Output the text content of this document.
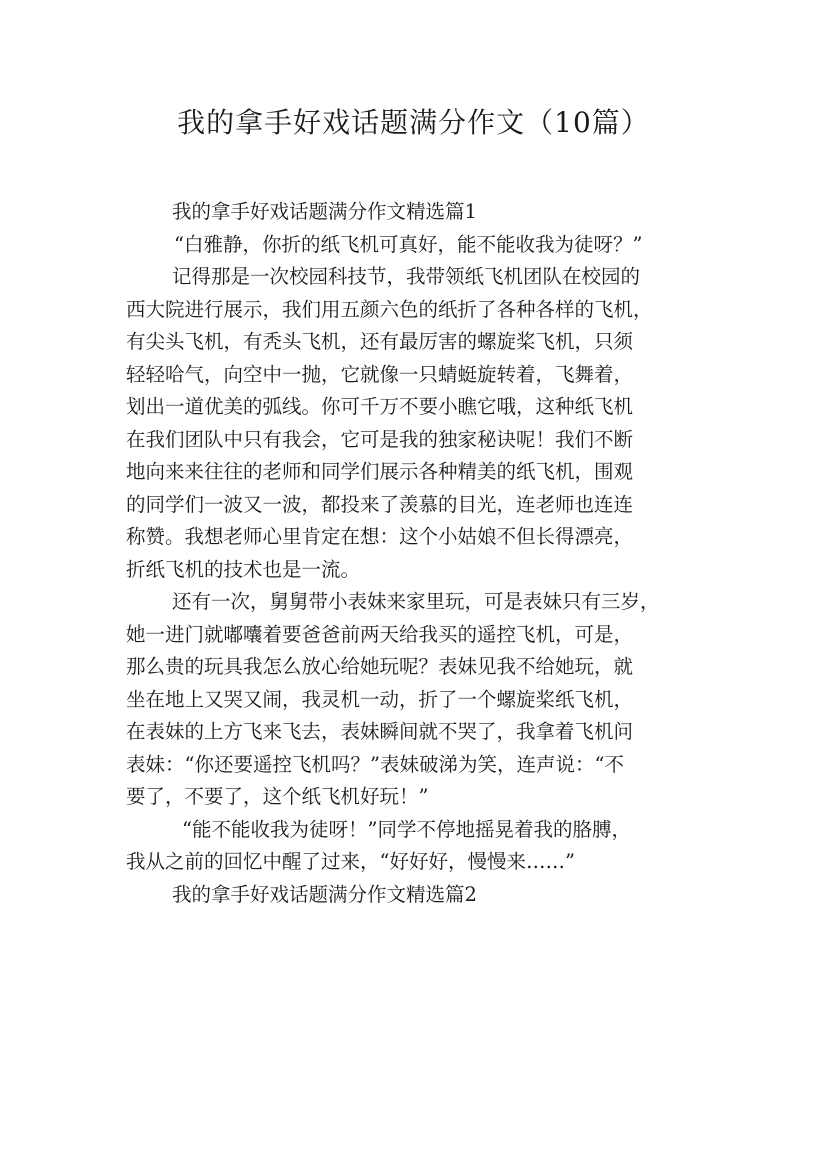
我的拿手好戏话题满分作文（10篇）
我的拿手好戏话题满分作文精选篇1
“白雅静，你折的纸飞机可真好，能不能收我为徒呀？”
记得那是一次校园科技节，我带领纸飞机团队在校园的
西大院进行展示，我们用五颜六色的纸折了各种各样的飞机，
有尖头飞机，有秃头飞机，还有最厉害的螺旋桨飞机，只须
轻轻哈气，向空中一抛，它就像一只蜻蜓旋转着，飞舞着，
划出一道优美的弧线。你可千万不要小瞧它哦，这种纸飞机
在我们团队中只有我会，它可是我的独家秘诀呢！我们不断
地向来来往往的老师和同学们展示各种精美的纸飞机，围观
的同学们一波又一波，都投来了羡慕的目光，连老师也连连
称赞。我想老师心里肯定在想：这个小姑娘不但长得漂亮，
折纸飞机的技术也是一流。
还有一次，舅舅带小表妹来家里玩，可是表妹只有三岁，
她一进门就嘟囔着要爸爸前两天给我买的遥控飞机，可是，
那么贵的玩具我怎么放心给她玩呢？表妹见我不给她玩，就
坐在地上又哭又闹，我灵机一动，折了一个螺旋桨纸飞机，
在表妹的上方飞来飞去，表妹瞬间就不哭了，我拿着飞机问
表妹：“你还要遥控飞机吗？”表妹破涕为笑，连声说：“不
要了，不要了，这个纸飞机好玩！”
“能不能收我为徒呀！”同学不停地摇晃着我的胳膊，
我从之前的回忆中醒了过来，“好好好，慢慢来……”
我的拿手好戏话题满分作文精选篇2
